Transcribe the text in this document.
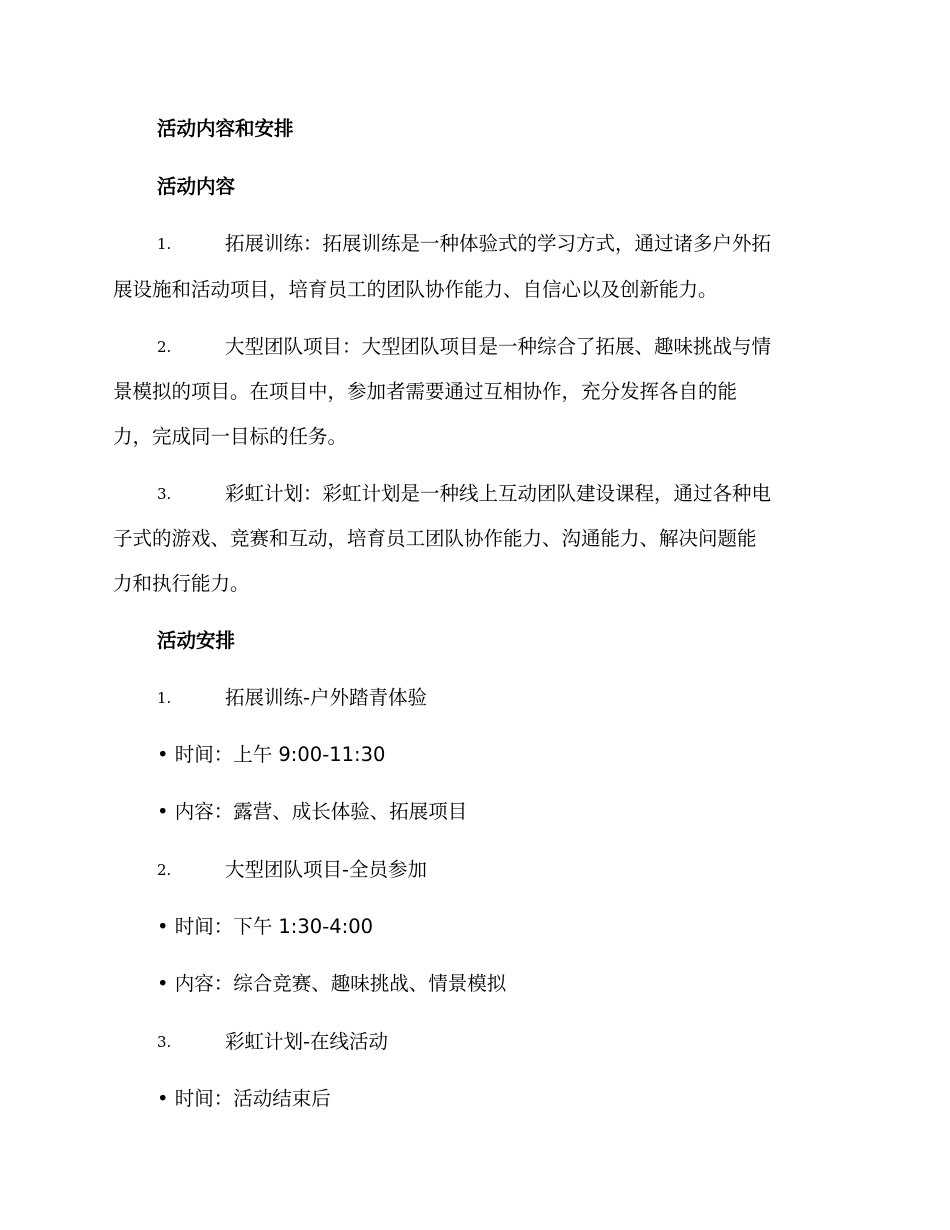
活动内容和安排
活动内容
1.	拓展训练：拓展训练是一种体验式的学习方式，通过诸多户外拓
展设施和活动项目，培育员工的团队协作能力、自信心以及创新能力。
2.	大型团队项目：大型团队项目是一种综合了拓展、趣味挑战与情
景模拟的项目。在项目中，参加者需要通过互相协作，充分发挥各自的能
力，完成同一目标的任务。
3.	彩虹计划：彩虹计划是一种线上互动团队建设课程，通过各种电
子式的游戏、竞赛和互动，培育员工团队协作能力、沟通能力、解决问题能
力和执行能力。
活动安排
1.	拓展训练-户外踏青体验
• 时间：上午 9:00-11:30
• 内容：露营、成长体验、拓展项目
2.	大型团队项目-全员参加
• 时间：下午 1:30-4:00
• 内容：综合竞赛、趣味挑战、情景模拟
3.	彩虹计划-在线活动
• 时间：活动结束后
